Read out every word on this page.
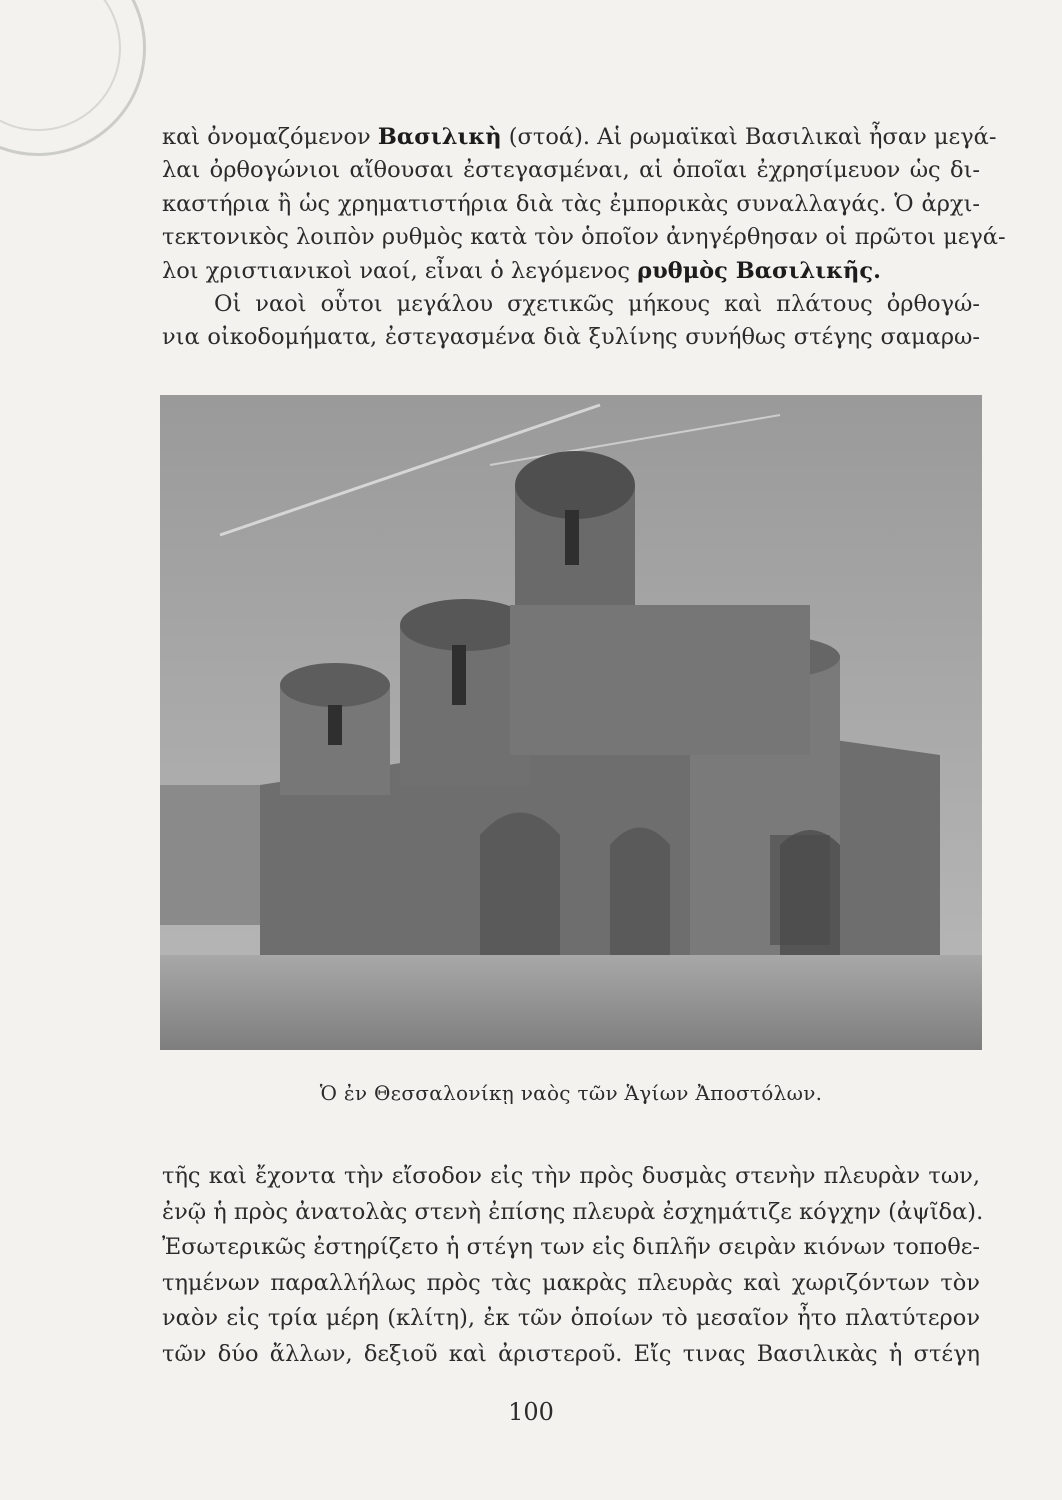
καὶ ὀνομαζόμενον Βασιλικὴ (στοά). Αἱ ρωμαϊκαὶ Βασιλικαὶ ἦσαν μεγά-
λαι ὀρθογώνιοι αἴθουσαι ἐστεγασμέναι, αἱ ὁποῖαι ἐχρησίμευον ὡς δι-
καστήρια ἢ ὡς χρηματιστήρια διὰ τὰς ἐμπορικὰς συναλλαγάς. Ὁ ἀρχι-
τεκτονικὸς λοιπὸν ρυθμὸς κατὰ τὸν ὁποῖον ἀνηγέρθησαν οἱ πρῶτοι μεγά-
λοι χριστιανικοὶ ναοί, εἶναι ὁ λεγόμενος ρυθμὸς Βασιλικῆς.
Οἱ ναοὶ οὗτοι μεγάλου σχετικῶς μήκους καὶ πλάτους ὀρθογώ-
νια οἰκοδομήματα, ἐστεγασμένα διὰ ξυλίνης συνήθως στέγης σαμαρω-
Ὁ ἐν Θεσσαλονίκῃ ναὸς τῶν Ἁγίων Ἀποστόλων.
τῆς καὶ ἔχοντα τὴν εἴσοδον εἰς τὴν πρὸς δυσμὰς στενὴν πλευρὰν των,
ἐνῷ ἡ πρὸς ἀνατολὰς στενὴ ἐπίσης πλευρὰ ἐσχημάτιζε κόγχην (ἀψῖδα).
Ἐσωτερικῶς ἐστηρίζετο ἡ στέγη των εἰς διπλῆν σειρὰν κιόνων τοποθε-
τημένων παραλλήλως πρὸς τὰς μακρὰς πλευρὰς καὶ χωριζόντων τὸν
ναὸν εἰς τρία μέρη (κλίτη), ἐκ τῶν ὁποίων τὸ μεσαῖον ἦτο πλατύτερον
τῶν δύο ἄλλων, δεξιοῦ καὶ ἀριστεροῦ. Εἴς τινας Βασιλικὰς ἡ στέγη
100
